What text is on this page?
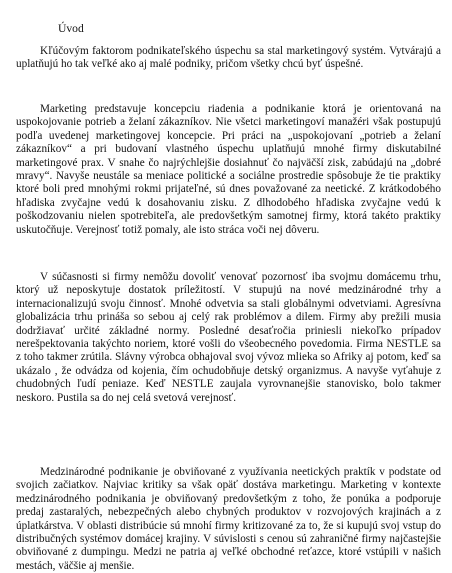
Úvod

Kľúčovým faktorom podnikateľského úspechu sa stal marketingový systém. Vytvárajú a uplatňujú ho tak veľké ako aj malé podniky, pričom všetky chcú byť úspešné.

Marketing predstavuje koncepciu riadenia a podnikanie ktorá je orientovaná na uspokojovanie potrieb a želaní zákazníkov. Nie všetci marketingoví manažéri však postupujú podľa uvedenej marketingovej koncepcie. Pri práci na „uspokojovaní „potrieb a želaní zákazníkov“ a pri budovaní vlastného úspechu uplatňujú mnohé firmy diskutabilné marketingové prax. V snahe čo najrýchlejšie dosiahnuť čo najväčší zisk, zabúdajú na „dobré mravy“. Navyše neustále sa meniace politické a sociálne prostredie spôsobuje že tie praktiky ktoré boli pred mnohými rokmi prijateľné, sú dnes považované za neetické. Z krátkodobého hľadiska zvyčajne vedú k dosahovaniu zisku. Z dlhodobého hľadiska zvyčajne vedú k poškodzovaniu nielen spotrebiteľa, ale predovšetkým samotnej firmy, ktorá takéto praktiky uskutočňuje. Verejnosť totiž pomaly, ale isto stráca voči nej dôveru.

V súčasnosti si firmy nemôžu dovoliť venovať pozornosť iba svojmu domácemu trhu, ktorý už neposkytuje dostatok príležitostí. V stupujú na nové medzinárodné trhy a internacionalizujú svoju činnosť. Mnohé odvetvia sa stali globálnymi odvetviami. Agresívna globalizácia trhu prináša so sebou aj celý rak problémov a dilem. Firmy aby prežili musia dodržiavať určité základné normy. Posledné desaťročia priniesli niekoľko prípadov nerešpektovania takýchto noriem, ktoré vošli do všeobecného povedomia. Firma NESTLE sa z toho takmer zrútila. Slávny výrobca obhajoval svoj vývoz mlieka so Afriky aj potom, keď sa ukázalo , že odvádza od kojenia, čím ochudobňuje detský organizmus. A navyše vyťahuje z chudobných ľudí peniaze. Keď NESTLE zaujala vyrovnanejšie stanovisko, bolo takmer neskoro. Pustila sa do nej celá svetová verejnosť.

Medzinárodné podnikanie je obviňované z využívania neetických praktík v podstate od svojich začiatkov. Najviac kritiky sa však opäť dostáva marketingu. Marketing v kontexte medzinárodného podnikania je obviňovaný predovšetkým z toho, že ponúka a podporuje predaj zastaralých, nebezpečných alebo chybných produktov v rozvojových krajinách a z úplatkárstva. V oblasti distribúcie sú mnohí firmy kritizované za to, že si kupujú svoj vstup do distribučných systémov domácej krajiny. V súvislosti s cenou sú zahraničné firmy najčastejšie obviňované z dumpingu. Medzi ne patria aj veľké obchodné reťazce, ktoré vstúpili v našich mestách, väčšie aj menšie.
